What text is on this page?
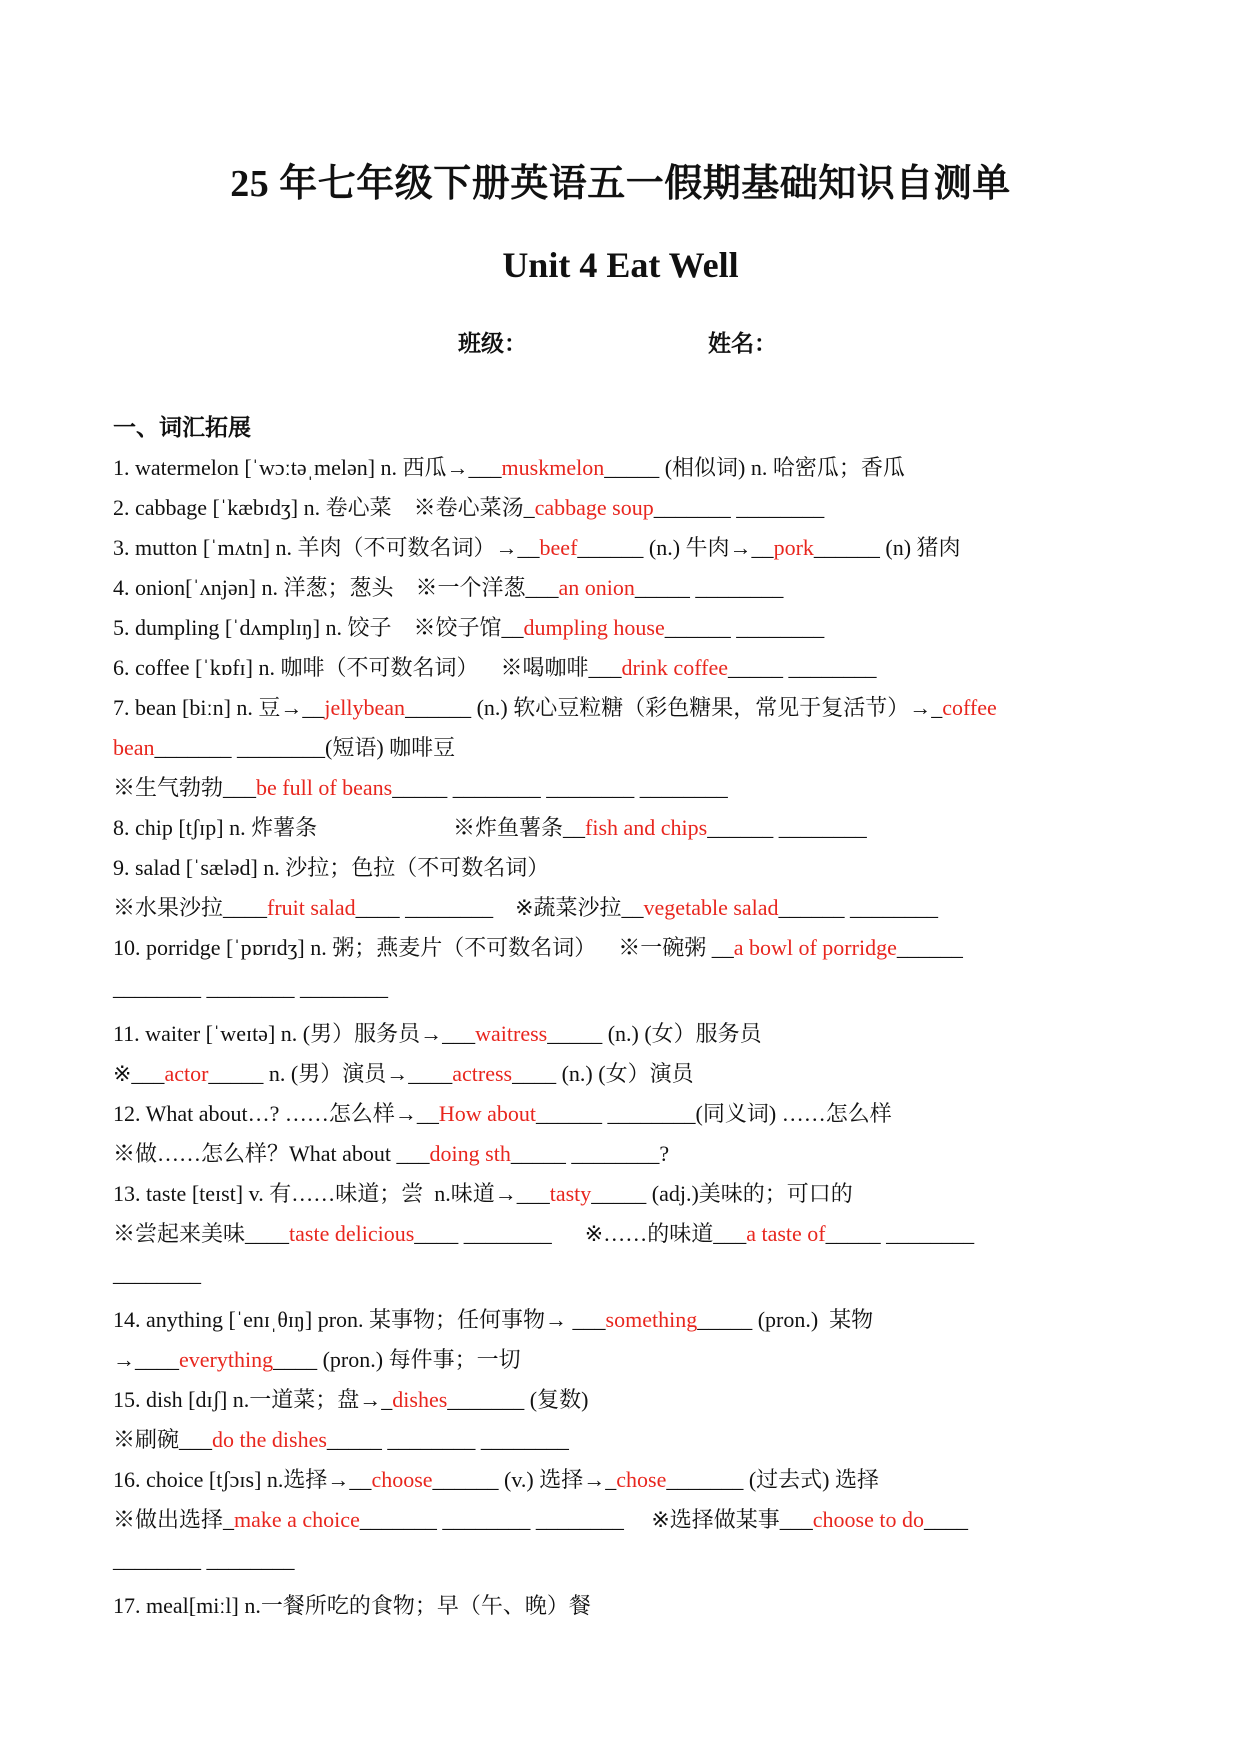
25 年七年级下册英语五一假期基础知识自测单
Unit 4 Eat Well
班级：	姓名：
一、词汇拓展
1. watermelon [ˈwɔːtəˌmelən] n. 西瓜→___muskmelon_____ (相似词) n. 哈密瓜；香瓜
2. cabbage [ˈkæbɪdʒ] n. 卷心菜    ※卷心菜汤_cabbage soup_______ ________
3. mutton [ˈmʌtn] n. 羊肉（不可数名词）→__beef______ (n.) 牛肉→__pork______ (n) 猪肉
4. onion[ˈʌnjən] n. 洋葱；葱头    ※一个洋葱___an onion_____ ________
5. dumpling [ˈdʌmplɪŋ] n. 饺子    ※饺子馆__dumpling house______ ________
6. coffee [ˈkɒfɪ] n. 咖啡（不可数名词）    ※喝咖啡___drink coffee_____ ________
7. bean [biːn] n. 豆→__jellybean______ (n.) 软心豆粒糖（彩色糖果，常见于复活节）→_coffee
bean_______ ________(短语) 咖啡豆
※生气勃勃___be full of beans_____ ________ ________ ________
8. chip [tʃɪp] n. 炸薯条	※炸鱼薯条__fish and chips______ ________
9. salad [ˈsæləd] n. 沙拉；色拉（不可数名词）
※水果沙拉____fruit salad____ ________ ※蔬菜沙拉__vegetable salad______ ________
10. porridge [ˈpɒrɪdʒ] n. 粥；燕麦片（不可数名词）    ※一碗粥 __a bowl of porridge______
________ ________ ________
11. waiter [ˈweɪtə] n. (男）服务员→___waitress_____ (n.) (女）服务员
※___actor_____ n. (男）演员→____actress____ (n.) (女）演员
12. What about…? ……怎么样→__How about______ ________(同义词) ……怎么样
※做……怎么样？What about ___doing sth_____ ________?
13. taste [teɪst] v. 有……味道；尝  n.味道→___tasty_____ (adj.)美味的；可口的
※尝起来美味____taste delicious____ ________ ※……的味道___a taste of_____ ________
________
14. anything [ˈenɪˌθɪŋ] pron. 某事物；任何事物→ ___something_____ (pron.)  某物
→____everything____ (pron.) 每件事；一切
15. dish [dɪʃ] n.一道菜；盘→_dishes_______ (复数)
※刷碗___do the dishes_____ ________ ________
16. choice [tʃɔɪs] n.选择→__choose______ (v.) 选择→_chose_______ (过去式) 选择
※做出选择_make a choice_______ ________ ________ ※选择做某事___choose to do____
________ ________
17. meal[miːl] n.一餐所吃的食物；早（午、晚）餐
